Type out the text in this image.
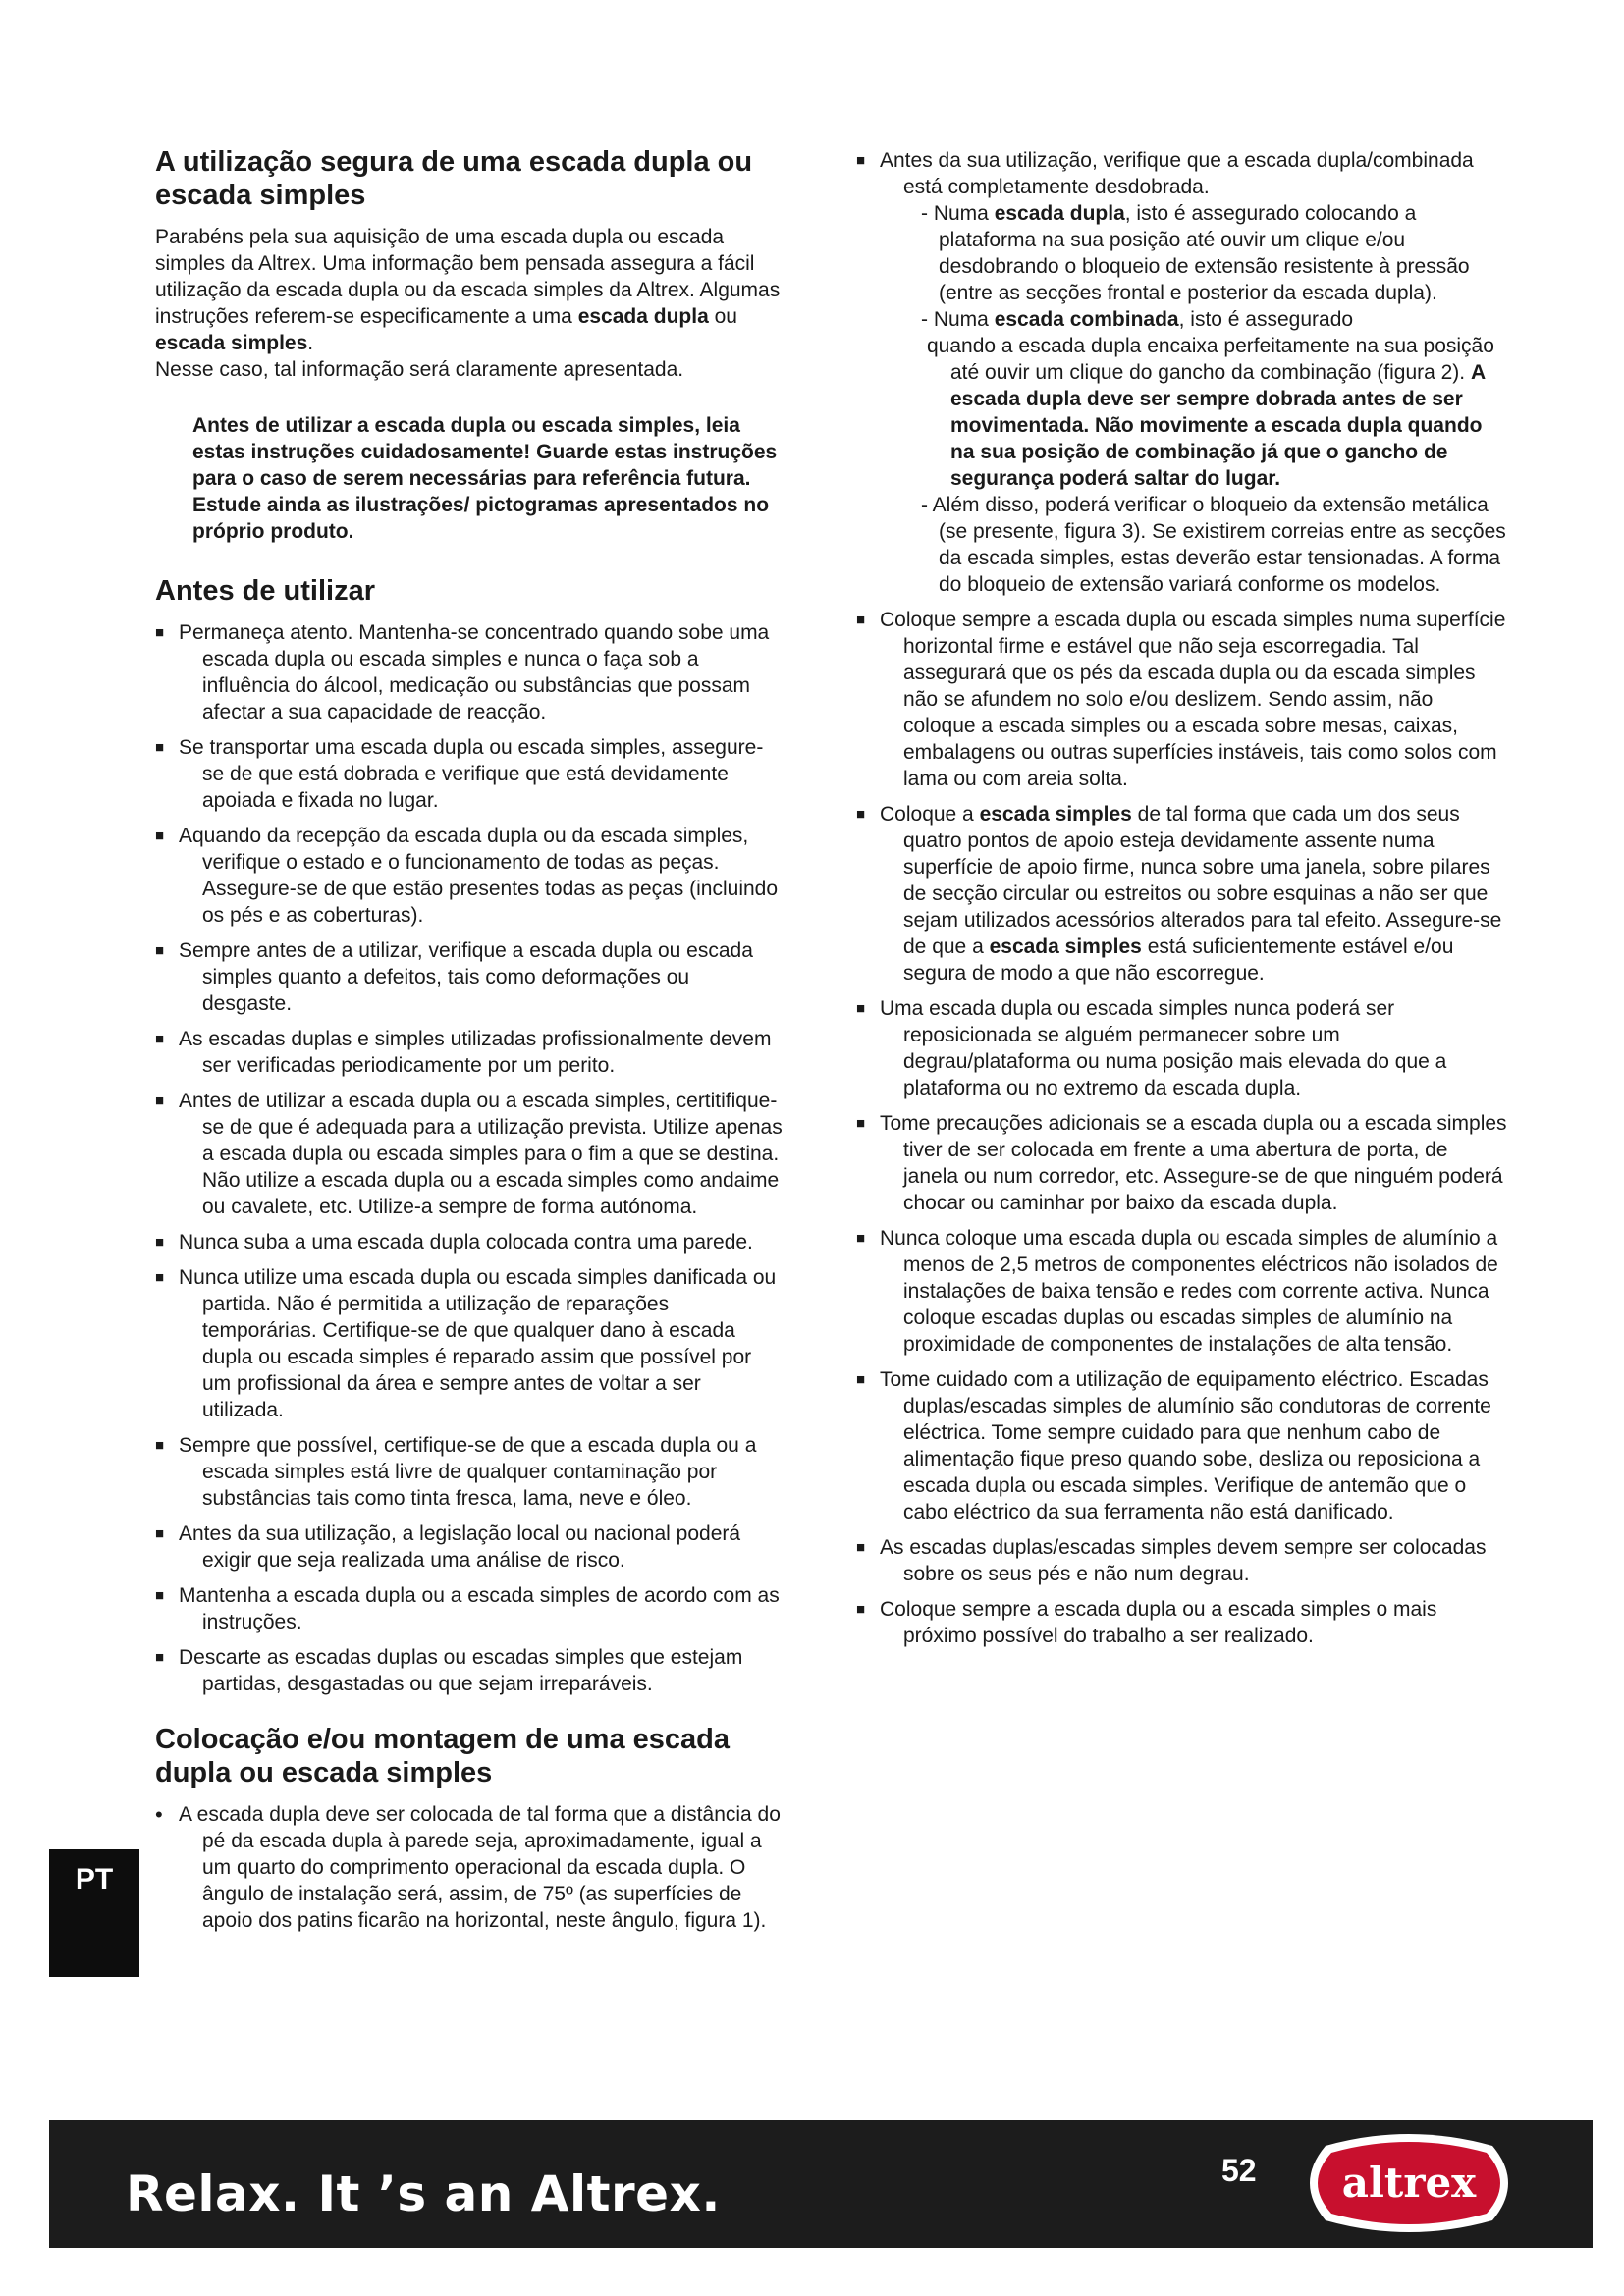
A utilização segura de uma escada dupla ou escada simples

Parabéns pela sua aquisição de uma escada dupla ou escada simples da Altrex. Uma informação bem pensada assegura a fácil utilização da escada dupla ou da escada simples da Altrex. Algumas instruções referem-se especificamente a uma escada dupla ou escada simples.
Nesse caso, tal informação será claramente apresentada.

Antes de utilizar a escada dupla ou escada simples, leia estas instruções cuidadosamente! Guarde estas instruções para o caso de serem necessárias para referência futura. Estude ainda as ilustrações/ pictogramas apresentados no próprio produto.

Antes de utilizar
■ Permaneça atento. Mantenha-se concentrado quando sobe uma escada dupla ou escada simples e nunca o faça sob a influência do álcool, medicação ou substâncias que possam afectar a sua capacidade de reacção.
■ Se transportar uma escada dupla ou escada simples, assegure-se de que está dobrada e verifique que está devidamente apoiada e fixada no lugar.
■ Aquando da recepção da escada dupla ou da escada simples, verifique o estado e o funcionamento de todas as peças. Assegure-se de que estão presentes todas as peças (incluindo os pés e as coberturas).
■ Sempre antes de a utilizar, verifique a escada dupla ou escada simples quanto a defeitos, tais como deformações ou desgaste.
■ As escadas duplas e simples utilizadas profissionalmente devem ser verificadas periodicamente por um perito.
■ Antes de utilizar a escada dupla ou a escada simples, certitifique-se de que é adequada para a utilização prevista. Utilize apenas a escada dupla ou escada simples para o fim a que se destina. Não utilize a escada dupla ou a escada simples como andaime ou cavalete, etc. Utilize-a sempre de forma autónoma.
■ Nunca suba a uma escada dupla colocada contra uma parede.
■ Nunca utilize uma escada dupla ou escada simples danificada ou partida. Não é permitida a utilização de reparações temporárias. Certifique-se de que qualquer dano à escada dupla ou escada simples é reparado assim que possível por um profissional da área e sempre antes de voltar a ser utilizada.
■ Sempre que possível, certifique-se de que a escada dupla ou a escada simples está livre de qualquer contaminação por substâncias tais como tinta fresca, lama, neve e óleo.
■ Antes da sua utilização, a legislação local ou nacional poderá exigir que seja realizada uma análise de risco.
■ Mantenha a escada dupla ou a escada simples de acordo com as instruções.
■ Descarte as escadas duplas ou escadas simples que estejam partidas, desgastadas ou que sejam irreparáveis.
Colocação e/ou montagem de uma escada dupla ou escada simples
• A escada dupla deve ser colocada de tal forma que a distância do pé da escada dupla à parede seja, aproximadamente, igual a um quarto do comprimento operacional da escada dupla. O ângulo de instalação será, assim, de 75º (as superfícies de apoio dos patins ficarão na horizontal, neste ângulo, figura 1).
■ Antes da sua utilização, verifique que a escada dupla/combinada está completamente desdobrada.
- Numa escada dupla, isto é assegurado colocando a plataforma na sua posição até ouvir um clique e/ou desdobrando o bloqueio de extensão resistente à pressão (entre as secções frontal e posterior da escada dupla).
- Numa escada combinada, isto é assegurado
quando a escada dupla encaixa perfeitamente na sua posição até ouvir um clique do gancho da combinação (figura 2). A escada dupla deve ser sempre dobrada antes de ser movimentada. Não movimente a escada dupla quando na sua posição de combinação já que o gancho de segurança poderá saltar do lugar.
- Além disso, poderá verificar o bloqueio da extensão metálica (se presente, figura 3). Se existirem correias entre as secções da escada simples, estas deverão estar tensionadas. A forma do bloqueio de extensão variará conforme os modelos.
■ Coloque sempre a escada dupla ou escada simples numa superfície horizontal firme e estável que não seja escorregadia. Tal assegurará que os pés da escada dupla ou da escada simples não se afundem no solo e/ou deslizem. Sendo assim, não coloque a escada simples ou a escada sobre mesas, caixas, embalagens ou outras superfícies instáveis, tais como solos com lama ou com areia solta.
■ Coloque a escada simples de tal forma que cada um dos seus quatro pontos de apoio esteja devidamente assente numa superfície de apoio firme, nunca sobre uma janela, sobre pilares de secção circular ou estreitos ou sobre esquinas a não ser que sejam utilizados acessórios alterados para tal efeito. Assegure-se de que a escada simples está suficientemente estável e/ou segura de modo a que não escorregue.
■ Uma escada dupla ou escada simples nunca poderá ser reposicionada se alguém permanecer sobre um degrau/plataforma ou numa posição mais elevada do que a plataforma ou no extremo da escada dupla.
■ Tome precauções adicionais se a escada dupla ou a escada simples tiver de ser colocada em frente a uma abertura de porta, de janela ou num corredor, etc. Assegure-se de que ninguém poderá chocar ou caminhar por baixo da escada dupla.
■ Nunca coloque uma escada dupla ou escada simples de alumínio a menos de 2,5 metros de componentes eléctricos não isolados de instalações de baixa tensão e redes com corrente activa. Nunca coloque escadas duplas ou escadas simples de alumínio na proximidade de componentes de instalações de alta tensão.
■ Tome cuidado com a utilização de equipamento eléctrico. Escadas duplas/escadas simples de alumínio são condutoras de corrente eléctrica. Tome sempre cuidado para que nenhum cabo de alimentação fique preso quando sobe, desliza ou reposiciona a escada dupla ou escada simples. Verifique de antemão que o cabo eléctrico da sua ferramenta não está danificado.
■ As escadas duplas/escadas simples devem sempre ser colocadas sobre os seus pés e não num degrau.
■ Coloque sempre a escada dupla ou a escada simples o mais próximo possível do trabalho a ser realizado.
PT
Relax. It ’s an Altrex.	52 altrex
